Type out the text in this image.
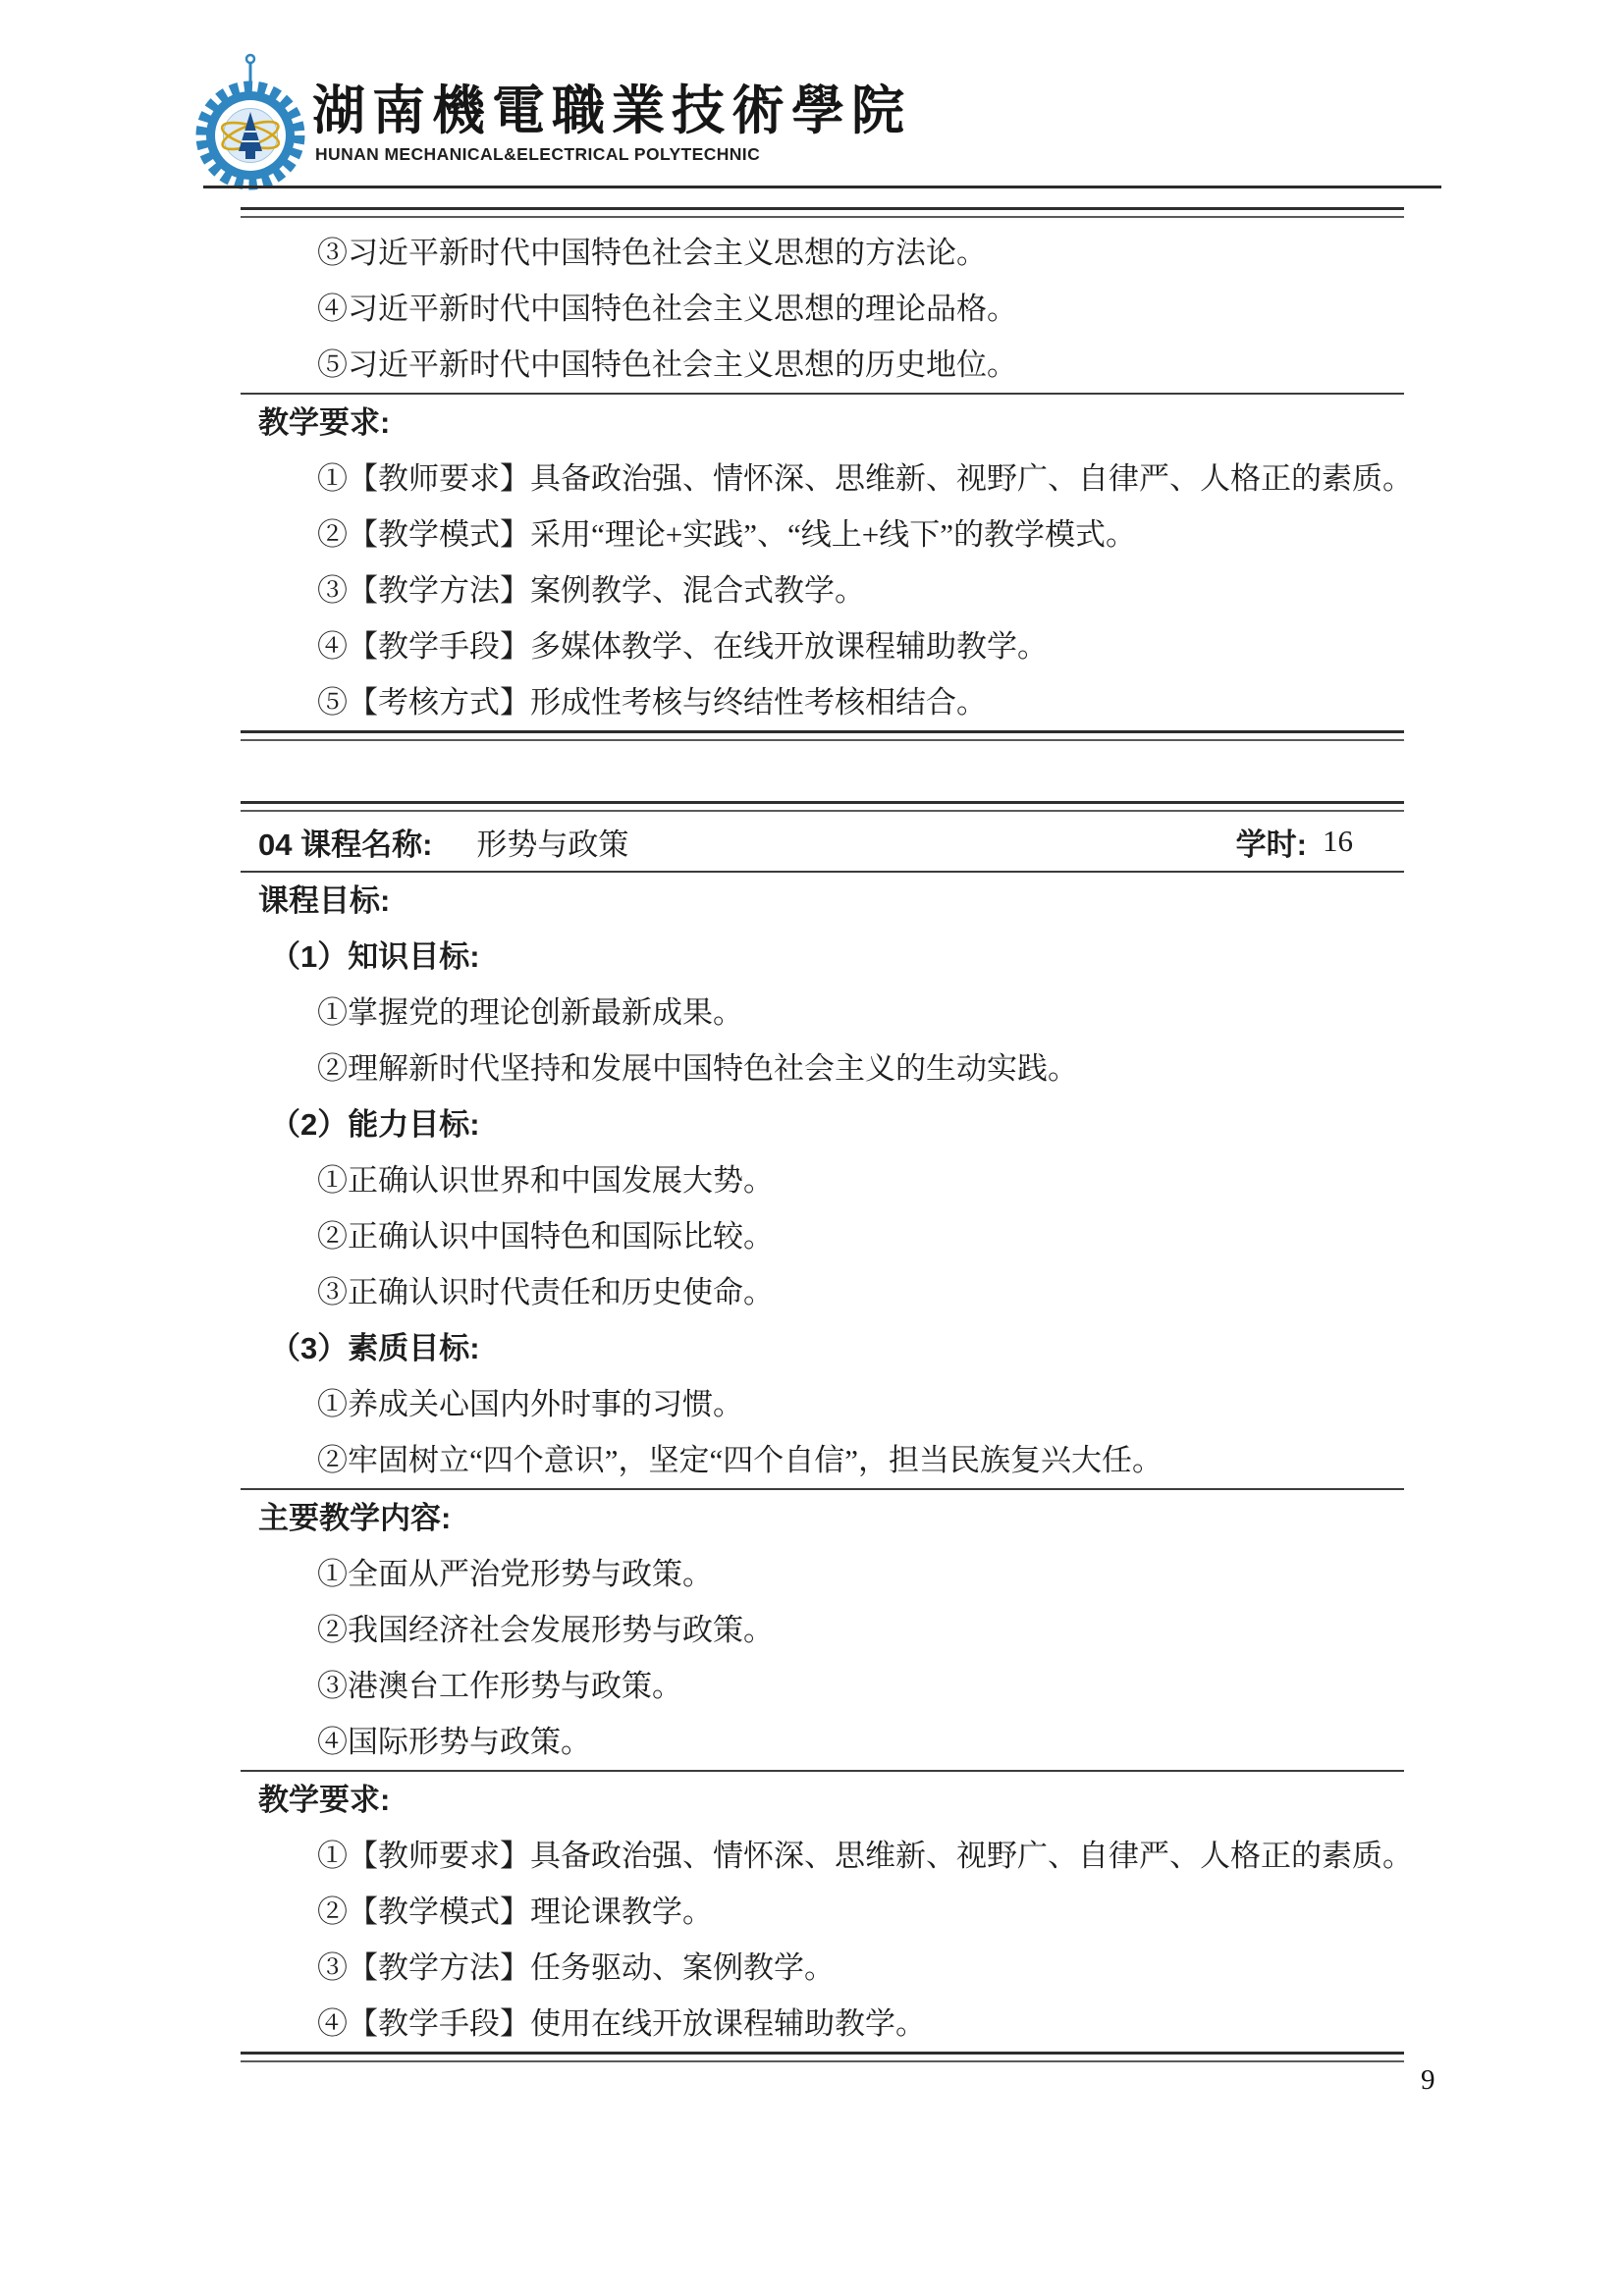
湖南機電職業技術學院
HUNAN MECHANICAL&ELECTRICAL POLYTECHNIC
③习近平新时代中国特色社会主义思想的方法论。
④习近平新时代中国特色社会主义思想的理论品格。
⑤习近平新时代中国特色社会主义思想的历史地位。
教学要求:
①【教师要求】具备政治强、情怀深、思维新、视野广、自律严、人格正的素质。
②【教学模式】采用“理论+实践”、“线上+线下”的教学模式。
③【教学方法】案例教学、混合式教学。
④【教学手段】多媒体教学、在线开放课程辅助教学。
⑤【考核方式】形成性考核与终结性考核相结合。
04 课程名称: 形势与政策	学时: 16
课程目标:
（1）知识目标:
①掌握党的理论创新最新成果。
②理解新时代坚持和发展中国特色社会主义的生动实践。
（2）能力目标:
①正确认识世界和中国发展大势。
②正确认识中国特色和国际比较。
③正确认识时代责任和历史使命。
（3）素质目标:
①养成关心国内外时事的习惯。
②牢固树立“四个意识”，坚定“四个自信”，担当民族复兴大任。
主要教学内容:
①全面从严治党形势与政策。
②我国经济社会发展形势与政策。
③港澳台工作形势与政策。
④国际形势与政策。
教学要求:
①【教师要求】具备政治强、情怀深、思维新、视野广、自律严、人格正的素质。
②【教学模式】理论课教学。
③【教学方法】任务驱动、案例教学。
④【教学手段】使用在线开放课程辅助教学。
9
